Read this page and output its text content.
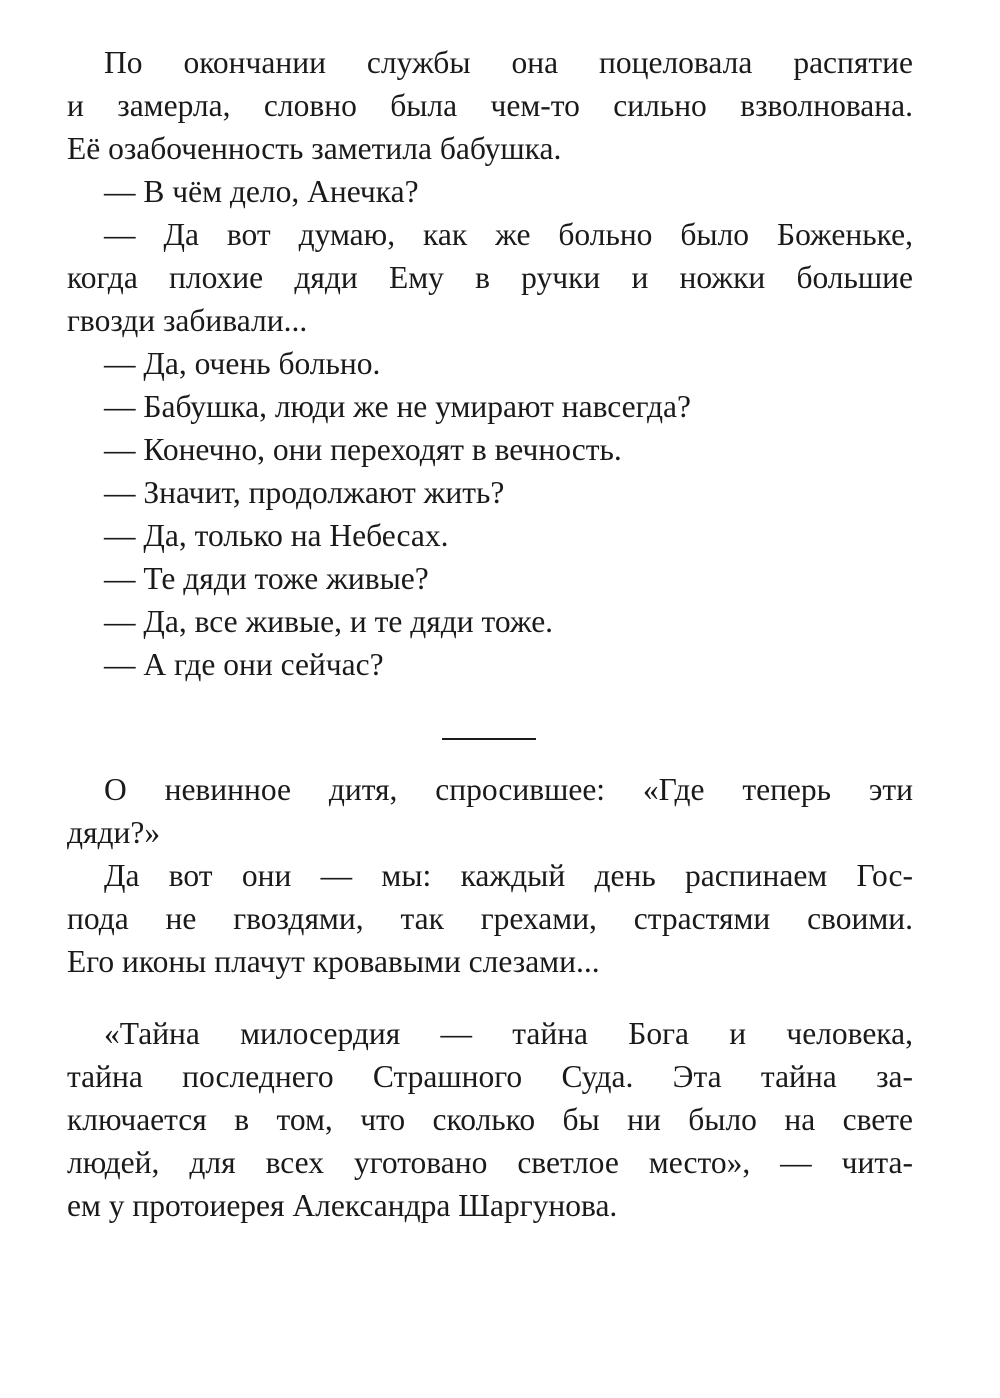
По окончании службы она поцеловала распятие
и замерла, словно была чем-то сильно взволнована.
Её озабоченность заметила бабушка.
— В чём дело, Анечка?
— Да вот думаю, как же больно было Боженьке,
когда плохие дяди Ему в ручки и ножки большие
гвозди забивали...
— Да, очень больно.
— Бабушка, люди же не умирают навсегда?
— Конечно, они переходят в вечность.
— Значит, продолжают жить?
— Да, только на Небесах.
— Те дяди тоже живые?
— Да, все живые, и те дяди тоже.
— А где они сейчас?
О невинное дитя, спросившее: «Где теперь эти
дяди?»
Да вот они — мы: каждый день распинаем Гос-
пода не гвоздями, так грехами, страстями своими.
Его иконы плачут кровавыми слезами...
«Тайна милосердия — тайна Бога и человека,
тайна последнего Страшного Суда. Эта тайна за-
ключается в том, что сколько бы ни было на свете
людей, для всех уготовано светлое место», — чита-
ем у протоиерея Александра Шаргунова.
